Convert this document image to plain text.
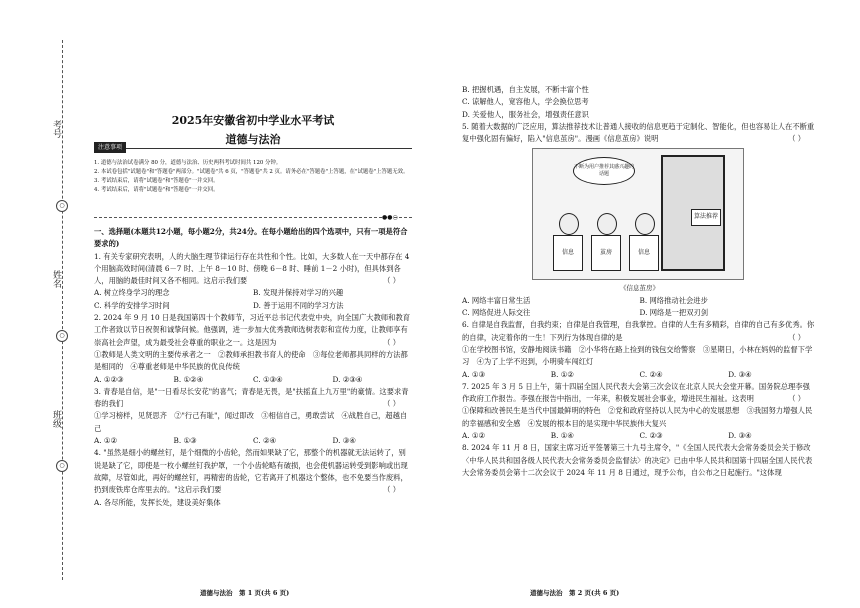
考号
姓名
班级
○
○
○
2025年安徽省初中学业水平考试
道德与法治
注意事项
1. 道德与法治试卷满分 80 分，道德与法治、历史两科考试时间共 120 分钟。
2. 本试卷包括"试题卷"和"答题卷"两部分。"试题卷"共 6 页，"答题卷"共 2 页。请务必在"答题卷"上答题，在"试题卷"上答题无效。
3. 考试结束后，请将"试题卷"和"答题卷"一并交回。
4. 考试结束后，请将"试题卷"和"答题卷"一并交回。
●●○

一、选择题(本题共12小题，每小题2分，共24分。在每小题给出的四个选项中，只有一项是符合要求的)

1. 有关专家研究表明，人的大脑生理节律运行存在共性和个性。比如，大多数人在一天中都存在 4 个用脑高效时间(清晨 6－7 时、上午 8－10 时、傍晚 6－8 时、睡前 1－2 小时)，但具体到各人，用脑的最佳时间又各不相同。这启示我们要	（ ）

A. 树立终身学习的理念	B. 发现并保持对学习的兴趣
C. 科学的安排学习时间	D. 善于运用不同的学习方法

2. 2024 年 9 月 10 日是我国第四十个教师节，习近平总书记代表党中央，向全国广大教师和教育工作者致以节日祝贺和诚挚问候。他强调，进一步加大优秀教师选树表彰和宣传力度，让教师享有崇高社会声望，成为最受社会尊重的职业之一。这是因为	（ ）

①教师是人类文明的主要传承者之一　②教师承担教书育人的使命　③每位老师都具同样的方法都是相同的　④尊重老师是中华民族的优良传统

A. ①②③	B. ①②④	C. ①③④	D. ②③④

3. 青春是自信，是"一日看尽长安花"的喜气；青春是无畏，是"扶摇直上九万里"的豪情。这要求青春的我们	（ ）

①学习榜样，见贤思齐　②"行己有耻"，闻过即改　③相信自己，勇敢尝试　④战胜自己，超越自己

A. ①②	B. ①③	C. ②④	D. ③④

4. "虽然是细小的螺丝钉，是个细微的小齿轮，然而如果缺了它，那整个的机器就无法运转了，别说是缺了它，即使是一枚小螺丝钉我护罩，一个小齿轮略有破损，也会使机器运转受到影响或出现故障，尽管如此，再好的螺丝钉，再精密的齿轮，它若离开了机器这个整体，也不免要当作废料，扔到废铁库仓库里去的。"这启示我们要	（ ）

A. 各尽所能，发挥长处，建设美好集体

道德与法治　第 1 页(共 6 页)

B. 把握机遇，自主发展，不断丰富个性

C. 谅解他人，宽容他人，学会换位思考

D. 关爱他人，服务社会，增强责任意识

5. 随着大数据的广泛应用，算法推荐技术让普通人接收的信息更趋于定制化、智能化，但也容易让人在不断重复中强化固有偏好，陷入"信息茧房"。漫画《信息茧房》说明	（ ）

不断为用户推荐其感兴趣的话题
算法推荐
信息	茧房	信息
《信息茧房》
A. 网络丰富日常生活	B. 网络推动社会进步
C. 网络促进人际交往	D. 网络是一把双刃剑

6. 自律是自我监督，自我约束；自律是自我管理，自我掌控。自律的人生有多精彩，自律的自己有多优秀。你的自律，决定着你的一生！下列行为体现自律的是	（ ）

①在学校图书馆，安静地阅读书籍　②小华将在路上捡到的钱包交给警察　③星期日，小林在妈妈的监督下学习　④为了上学不迟到，小明骑车闯红灯

A. ①③	B. ①②	C. ②④	D. ③④

7. 2025 年 3 月 5 日上午，第十四届全国人民代表大会第三次会议在北京人民大会堂开幕。国务院总理李强作政府工作报告。李强在报告中指出，一年来，积极发展社会事业，增进民生福祉。这表明	（ ）

①保障和改善民生是当代中国最鲜明的特色　②党和政府坚持以人民为中心的发展思想　③我国努力增强人民的幸福感和安全感　④发展的根本目的是实现中华民族伟大复兴

A. ①②	B. ①④	C. ②③	D. ③④

8. 2024 年 11 月 8 日，国家主席习近平签署第三十九号主席令，"《全国人民代表大会常务委员会关于修改〈中华人民共和国各级人民代表大会常务委员会监督法〉的决定》已由中华人民共和国第十四届全国人民代表大会常务委员会第十二次会议于 2024 年 11 月 8 日通过，现予公布，自公布之日起施行。"这体现

道德与法治　第 2 页(共 6 页)
